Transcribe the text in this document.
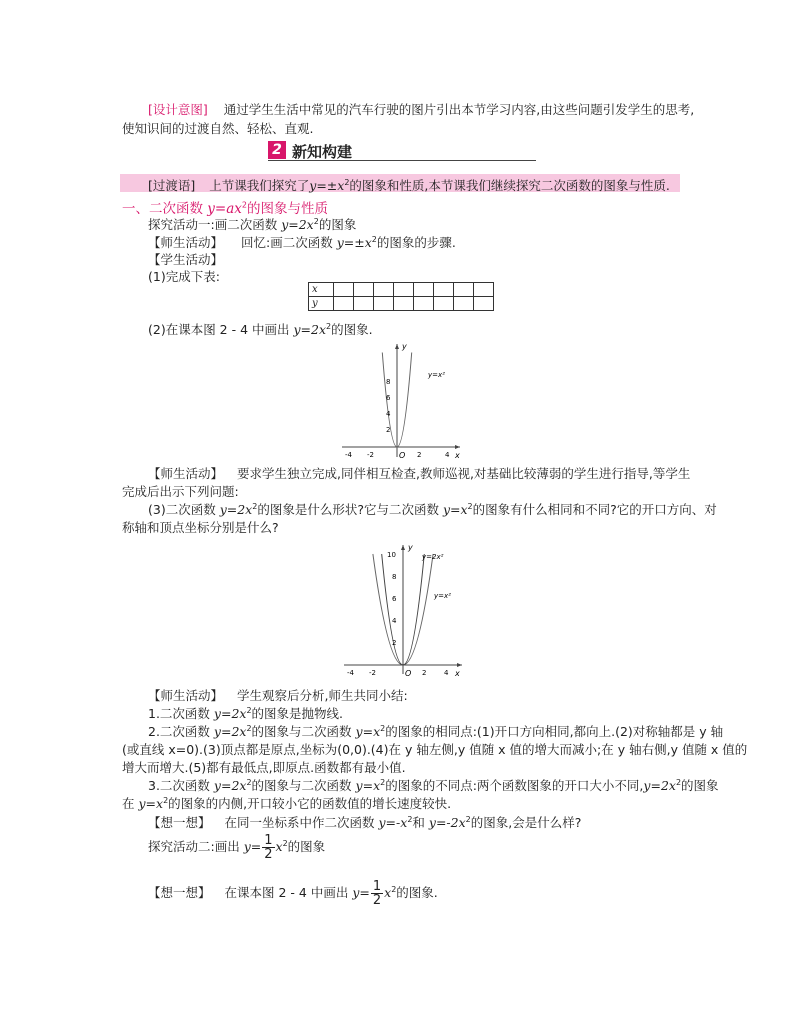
[设计意图] 通过学生生活中常见的汽车行驶的图片引出本节学习内容,由这些问题引发学生的思考,
使知识间的过渡自然、轻松、直观.
2 新知构建
[过渡语] 上节课我们探究了$y=\pm x^2$的图象和性质,本节课我们继续探究二次函数的图象与性质.
一、二次函数 $y=ax^2$的图象与性质
探究活动一:画二次函数 $y=2x^2$的图象
【师生活动】 回忆:画二次函数 $y=\pm x^2$的图象的步骤.
【学生活动】
(1)完成下表:
x								
y								
(2)在课本图 2 - 4 中画出 $y=2x^2$的图象.
y
x
O
8
6
4
2
-4 -2	2	4
y=x²
【师生活动】 要求学生独立完成,同伴相互检查,教师巡视,对基础比较薄弱的学生进行指导,等学生
完成后出示下列问题:
(3)二次函数 $y=2x^2$的图象是什么形状?它与二次函数 $y=x^2$的图象有什么相同和不同?它的开口方向、对
称轴和顶点坐标分别是什么?
y
x
O
10
8
6
4
2
-4 -2	2	4
y=2x²
y=x²
【师生活动】 学生观察后分析,师生共同小结:
1.二次函数 $y=2x^2$的图象是抛物线.
2.二次函数 $y=2x^2$的图象与二次函数 $y=x^2$的图象的相同点:(1)开口方向相同,都向上.(2)对称轴都是 y 轴
(或直线 x=0).(3)顶点都是原点,坐标为(0,0).(4)在 y 轴左侧,y 值随 x 值的增大而减小;在 y 轴右侧,y 值随 x 值的
增大而增大.(5)都有最低点,即原点.函数都有最小值.
3.二次函数 $y=2x^2$的图象与二次函数 $y=x^2$的图象的不同点:两个函数图象的开口大小不同$,y=2x^2$的图象
在 $y=x^2$的图象的内侧,开口较小它的函数值的增长速度较快.
【想一想】 在同一坐标系中作二次函数 $y=-x^2$和 $y=-2x^2$的图象,会是什么样?
探究活动二:画出 $y= \frac{1}{2} x^2$的图象
【想一想】 在课本图 2 - 4 中画出 $y= \frac{1}{2} x^2$的图象.
